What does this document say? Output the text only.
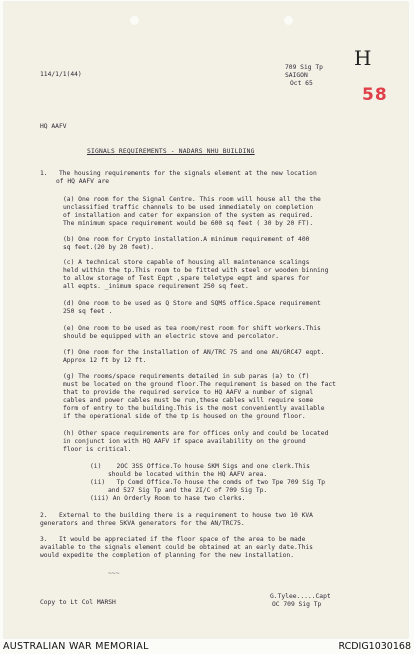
114/1/1(44)
709 Sig Tp
SAIGON
Oct 65
H
58
HQ AAFV
SIGNALS REQUIREMENTS - NADARS NHU BUILDING
1.   The housing requirements for the signals element at the new location
of HQ AAFV are
(a) One room for the Signal Centre. This room will house all the the
unclassified traffic channels to be used immediately on completion
of installation and cater for expansion of the system as required.
The minimum space requirement would be 600 sq feet ( 30 by 20 FT).
(b) One room for Crypto installation.A minimum requirement of 400
sq feet.(20 by 20 feet).
(c) A technical store capable of housing all maintenance scalings
held within the tp.This room to be fitted with steel or wooden binning
to allow storage of Test Eqpt ,spare teletype eqpt and spares for
all eqpts. _inimum space requirement 250 sq feet.
(d) One room to be used as Q Store and SQMS office.Space requirement
250 sq feet .
(e) One room to be used as tea room/rest room for shift workers.This
should be equipped with an electric stove and percolator.
(f) One room for the installation of AN/TRC 75 and one AN/GRC47 eqpt.
Approx 12 ft by 12 ft.
(g) The rooms/space requirements detailed in sub paras (a) to (f)
must be located on the ground floor.The requirement is based on the fact
that to provide the required service to HQ AAFV a number of signal
cables and power cables must be run,these cables will require some
form of entry to the building.This is the most conveniently available
if the operational side of the tp is housed on the ground floor.
(h) Other space requirements are for offices only and could be located
in conjunct ion with HQ AAFV if space availability on the ground
floor is critical.
(i)    2OC 3SS Office.To house SKM Sigs and one clerk.This
should be located within the HQ AAFV area.
(ii)   Tp Comd Office.To house the comds of two Tpe 709 Sig Tp
and 527 Sig Tp and the 2I/C of 709 Sig Tp.
(iii) An Orderly Room to hase two clerks.
2.   External to the building there is a requirement to house two 10 KVA
generators and three 5KVA generators for the AN/TRC75.
3.   It would be appreciated if the floor space of the area to be made
available to the signals element could be obtained at an early date.This
would expedite the completion of planning for the new installation.
~~~
Copy to Lt Col MARSH
G.Tylee.....Capt
OC 709 Sig Tp
AUSTRALIAN WAR MEMORIAL	RCDIG1030168
